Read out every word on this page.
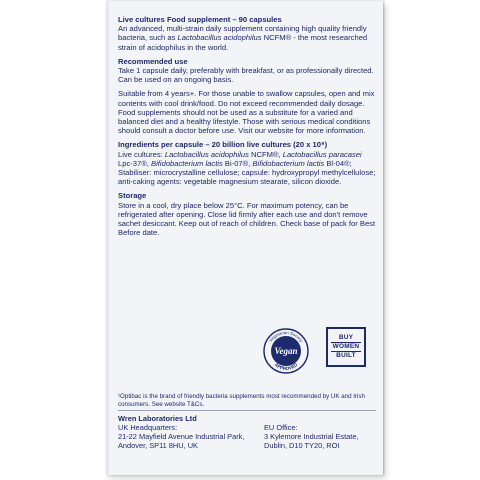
Live cultures Food supplement – 90 capsules

An advanced, multi-strain daily supplement containing high quality friendly bacteria, such as Lactobacillus acidophilus NCFM® - the most researched strain of acidophilus in the world.

Recommended use

Take 1 capsule daily, preferably with breakfast, or as professionally directed. Can be used on an ongoing basis.

Suitable from 4 years+. For those unable to swallow capsules, open and mix contents with cool drink/food. Do not exceed recommended daily dosage. Food supplements should not be used as a substitute for a varied and balanced diet and a healthy lifestyle. Those with serious medical conditions should consult a doctor before use. Visit our website for more information.

Ingredients per capsule – 20 billion live cultures (20 x 10⁹)

Live cultures: Lactobacillus acidophilus NCFM®, Lactobacillus paracasei Lpc-37®, Bifidobacterium lactis Bi-07®, Bifidobacterium lactis Bl-04®; Stabiliser: microcrystalline cellulose; capsule: hydroxypropyl methylcellulose; anti-caking agents: vegetable magnesium stearate, silicon dioxide.

Storage

Store in a cool, dry place below 25°C. For maximum potency, can be refrigerated after opening. Close lid firmly after each use and don't remove sachet desiccant. Keep out of reach of children. Check base of pack for Best Before date.

Vegetarian Society
Vegan
APPROVED
BUY
WOMEN
BUILT
¹Optibac is the brand of friendly bacteria supplements most recommended by UK and Irish consumers. See website T&Cs.
Wren Laboratories Ltd
UK Headquarters:
21-22 Mayfield Avenue Industrial Park,
Andover, SP11 8HU, UK
EU Office:
3 Kylemore Industrial Estate,
Dublin, D10 TY20, ROI
